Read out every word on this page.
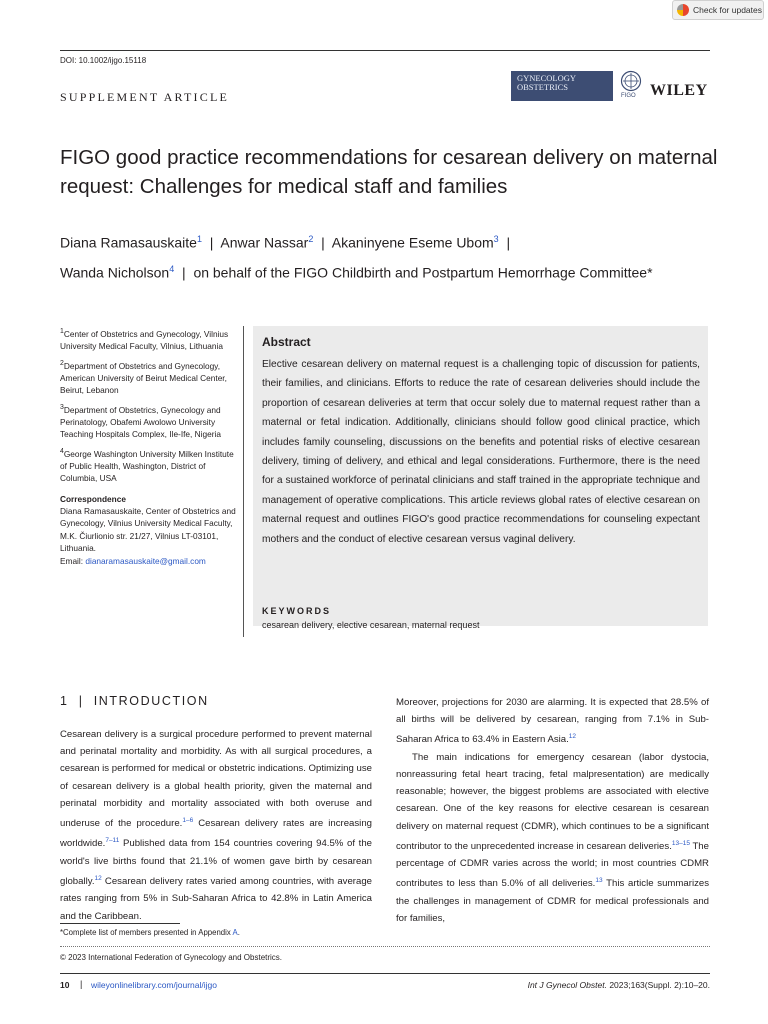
Check for updates
DOI: 10.1002/ijgo.15118
SUPPLEMENT ARTICLE
GYNECOLOGY
OBSTETRICS
FIGO WILEY
FIGO good practice recommendations for cesarean delivery on maternal request: Challenges for medical staff and families
Diana Ramasauskaite$^1$  |  Anwar Nassar$^2$  |  Akaninyene Eseme Ubom$^3$  |
Wanda Nicholson$^4$  |  on behalf of the FIGO Childbirth and Postpartum Hemorrhage Committee*

$^1$Center of Obstetrics and Gynecology, Vilnius University Medical Faculty, Vilnius, Lithuania

$^2$Department of Obstetrics and Gynecology, American University of Beirut Medical Center, Beirut, Lebanon

$^3$Department of Obstetrics, Gynecology and Perinatology, Obafemi Awolowo University Teaching Hospitals Complex, Ile-Ife, Nigeria

$^4$George Washington University Milken Institute of Public Health, Washington, District of Columbia, USA

Correspondence
Diana Ramasauskaite, Center of Obstetrics and Gynecology, Vilnius University Medical Faculty, M.K. Čiurlionio str. 21/27, Vilnius LT-03101, Lithuania.
Email: dianaramasauskaite@gmail.com
Abstract
Elective cesarean delivery on maternal request is a challenging topic of discussion for patients, their families, and clinicians. Efforts to reduce the rate of cesarean deliveries should include the proportion of cesarean deliveries at term that occur solely due to maternal request rather than a maternal or fetal indication. Additionally, clinicians should follow good clinical practice, which includes family counseling, discussions on the benefits and potential risks of elective cesarean delivery, timing of delivery, and ethical and legal considerations. Furthermore, there is the need for a sustained workforce of perinatal clinicians and staff trained in the appropriate technique and management of operative complications. This article reviews global rates of elective cesarean on maternal request and outlines FIGO's good practice recommendations for counseling expectant mothers and the conduct of elective cesarean versus vaginal delivery.
KEYWORDS
cesarean delivery, elective cesarean, maternal request
1  |  INTRODUCTION

Cesarean delivery is a surgical procedure performed to prevent maternal and perinatal mortality and morbidity. As with all surgical procedures, a cesarean is performed for medical or obstetric indications. Optimizing use of cesarean delivery is a global health priority, given the maternal and perinatal morbidity and mortality associated with both overuse and underuse of the procedure.$^{1-6}$ Cesarean delivery rates are increasing worldwide.$^{7-11}$ Published data from 154 countries covering 94.5% of the world's live births found that 21.1% of women gave birth by cesarean globally.$^{12}$ Cesarean delivery rates varied among countries, with average rates ranging from 5% in Sub-Saharan Africa to 42.8% in Latin America and the Caribbean.

Moreover, projections for 2030 are alarming. It is expected that 28.5% of all births will be delivered by cesarean, ranging from 7.1% in Sub-Saharan Africa to 63.4% in Eastern Asia.$^{12}$

The main indications for emergency cesarean (labor dystocia, nonreassuring fetal heart tracing, fetal malpresentation) are medically reasonable; however, the biggest problems are associated with elective cesarean. One of the key reasons for elective cesarean is cesarean delivery on maternal request (CDMR), which continues to be a significant contributor to the unprecedented increase in cesarean deliveries.$^{13-15}$ The percentage of CDMR varies across the world; in most countries CDMR contributes to less than 5.0% of all deliveries.$^{13}$ This article summarizes the challenges in management of CDMR for medical professionals and for families,

*Complete list of members presented in Appendix A.
© 2023 International Federation of Gynecology and Obstetrics.
10 | wileyonlinelibrary.com/journal/ijgo	Int J Gynecol Obstet. 2023;163(Suppl. 2):10–20.
